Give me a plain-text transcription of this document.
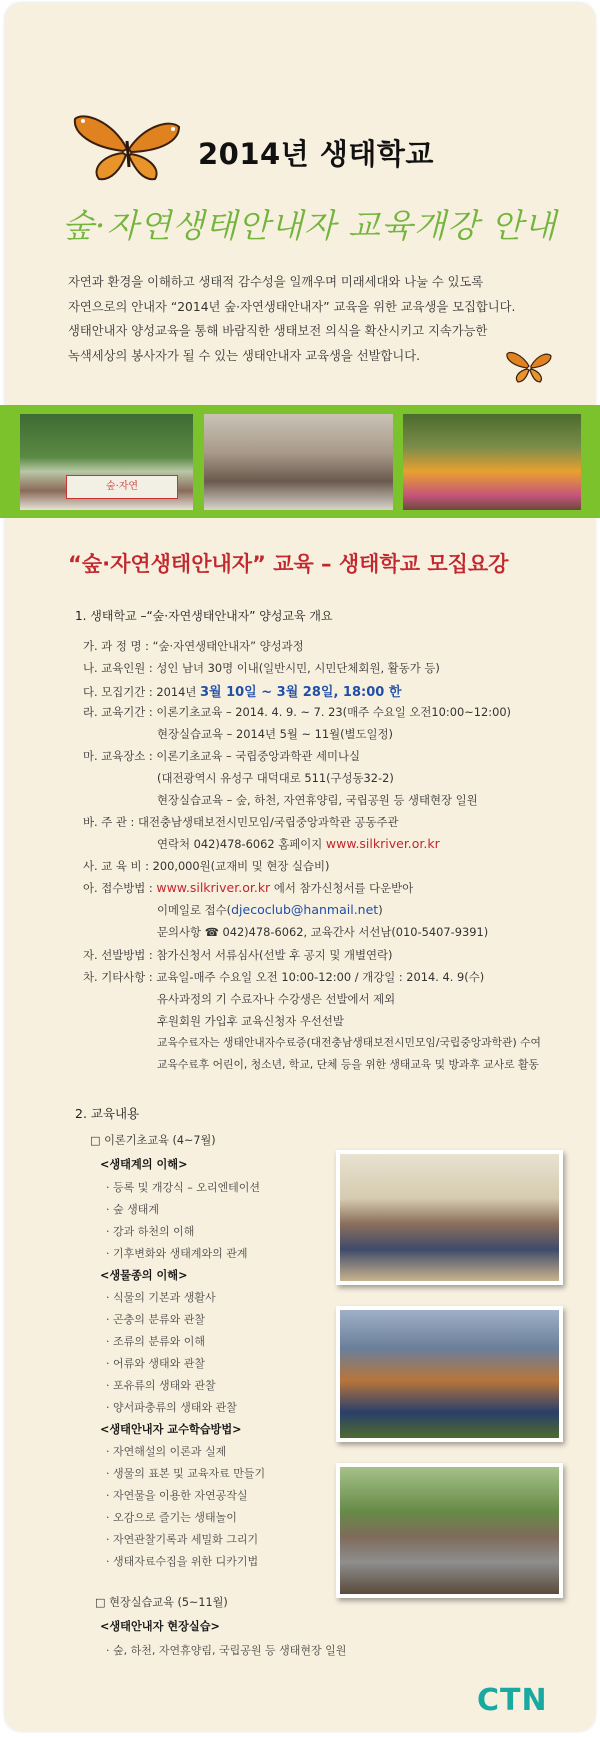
2014년 생태학교
숲·자연생태안내자 교육개강 안내
자연과 환경을 이해하고 생태적 감수성을 일깨우며 미래세대와 나눌 수 있도록
자연으로의 안내자 “2014년 숲·자연생태안내자” 교육을 위한 교육생을 모집합니다.
생태안내자 양성교육을 통해 바람직한 생태보전 의식을 확산시키고 지속가능한
녹색세상의 봉사자가 될 수 있는 생태안내자 교육생을 선발합니다.
숲·자연
“숲·자연생태안내자” 교육 – 생태학교 모집요강
1. 생태학교 –“숲·자연생태안내자” 양성교육 개요
가. 과 정 명 : “숲·자연생태안내자” 양성과정
나. 교육인원 : 성인 남녀 30명 이내(일반시민, 시민단체회원, 활동가 등)
다. 모집기간 : 2014년 3월 10일 ~ 3월 28일, 18:00 한
라. 교육기간 : 이론기초교육 – 2014. 4. 9. ~ 7. 23(매주 수요일 오전10:00~12:00)
현장실습교육 – 2014년 5월 ~ 11월(별도일정)
마. 교육장소 : 이론기초교육 – 국립중앙과학관 세미나실
(대전광역시 유성구 대덕대로 511(구성동32-2)
현장실습교육 – 숲, 하천, 자연휴양림, 국립공원 등 생태현장 일원
바. 주 관 : 대전충남생태보전시민모임/국립중앙과학관 공동주관
연락처 042)478-6062 홈페이지 www.silkriver.or.kr
사. 교 육 비 : 200,000원(교재비 및 현장 실습비)
아. 접수방법 : www.silkriver.or.kr 에서 참가신청서를 다운받아
이메일로 접수(djecoclub@hanmail.net)
문의사항 ☎ 042)478-6062, 교육간사 서선남(010-5407-9391)
자. 선발방법 : 참가신청서 서류심사(선발 후 공지 및 개별연락)
차. 기타사항 : 교육일-매주 수요일 오전 10:00-12:00 / 개강일 : 2014. 4. 9(수)
유사과정의 기 수료자나 수강생은 선발에서 제외
후원회원 가입후 교육신청자 우선선발
교육수료자는 생태안내자수료증(대전충남생태보전시민모임/국립중앙과학관) 수여
교육수료후 어린이, 청소년, 학교, 단체 등을 위한 생태교육 및 방과후 교사로 활동
2. 교육내용
□ 이론기초교육 (4~7월)
<생태계의 이해>
· 등록 및 개강식 – 오리엔테이션
· 숲 생태계
· 강과 하천의 이해
· 기후변화와 생태계와의 관계
<생물종의 이해>
· 식물의 기본과 생활사
· 곤충의 분류와 관찰
· 조류의 분류와 이해
· 어류와 생태와 관찰
· 포유류의 생태와 관찰
· 양서파충류의 생태와 관찰
<생태안내자 교수학습방법>
· 자연해설의 이론과 실제
· 생물의 표본 및 교육자료 만들기
· 자연물을 이용한 자연공작실
· 오감으로 즐기는 생태놀이
· 자연관찰기록과 세밀화 그리기
· 생태자료수집을 위한 디카기법
□ 현장실습교육 (5~11월)
<생태안내자 현장실습>
· 숲, 하천, 자연휴양림, 국립공원 등 생태현장 일원
CTN
